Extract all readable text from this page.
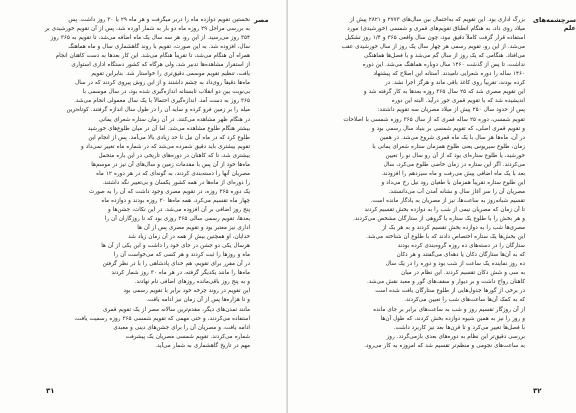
مصر
نخستین تقویم دوازده ماه را دربر میگرفت و هر ماه ۲۹ یا ۳۰ روز داشت. پس
به بررسی مراحل ۲۹ روزه ماه دو بار به شمار آورده شد، پس از آن تقویم خورشیدی بر
۳۵۴ روز می‌رسید. از این رو، هر سه سال یک ماه اضافه می‌شد، تا تقویم به ۳۶۵ روز
سال، افزوده شد. به این صورت، تقویم با روند گاهشماری سال و ماه هماهنگ
همراه آن هنگام می‌شد، تا تقریباً هنگام می‌شد. این کار بعدها به دست کاهنان انجام
از استقرار مشاهده‌ها تدبیر شد، ولی هرگاه که کشور دستگاه اداری استواری
یافت، تنظیم تقویم موسمی دقیق‌تری را خواستار شد. بنابراین تقویم
ماه‌ها دقیقاً روی‌داد به چشم داشتند و از این روش پیروی کردند که در سال
بی‌نوبت بین دو انقلاب تابستانه اندازه‌گیری شده بود، در سال موسمی با
۳۶۵ روز به دست آمد. اندازه‌گیری احتمالاً با یک سال معمولی انجام می‌شد.
میله را بر زمین فرو کرده و سایه آن را در طول سال اندازه گرفتند. کوتاه‌ترین
در هنگام ظهر مشاهده می‌کنند. در آن زمان ستاره شعرای یمانی
بیشتر هنگام طلوع مشاهده می‌شد. اما آن در میان طلوع‌های خورشید
طلوع کرد که در ماه آن نیل تا حد زیادی بالا می‌آمد. پس از انجام این
تقویم بیشتری باید دقیق شمرده می‌شد که در شماره ماه تغییر نمی‌داد و
بیشتری شد، تا که کاهنان در دوره‌های تاریخی در این باره متحمل
ماه‌ها خود از آن پس با مقدمات زمین و سال‌های آن نیز در موسم‌ها
مصریان آنها را دسته‌بندی کردند، به گونه‌ای که در هر دوره ۱۲ ماه
را دوره‌ای از ماه‌ها در همه کشور یکسان و بی‌تغییر نگه داشتند.
یک دوره ۳۶۵ روزه، در تقویم مصری وجود داشت که آن را به صورت
چهار ماه تقسیم می‌کرد، همه ماه‌ها ۳۰ روزه بودند و دوازده ماه
پنج روز اضافی بر آن افزوده می‌شد. در این نکات، جشن‌ها و
بعدها، تقویم رسمی سالی ۳۶۵ روزی بود که تا روزگاران آن را
اداری نیز معتبر بود و تقویم مصری پس از آن ها
خدایان، او همچنین بیش از همه در آن زمان زیاد شد
هرسال یکی دو جشن در جای خود را داشت و این یکی از آن ها
ماه و روزها را ثبت کردند و هر کسی که می‌خواست آن را
در آن مقرر برای تقویم، هم خدای پادشاهی را با در نظر گرفتن
ماه‌ها را مانند یکدیگر گرفته، در هر ماه ۳۰ روز شمار کردند
و به پنج روز باقی‌مانده روزهای اضافی نام نهادند.
این تقویم در روند چرخه خود برابر با تقویم رسمی بود
و تا هزاره‌ها پس از آن زمان نیز ادامه یافت.
مانند تمدن‌های دیگر، مقدم‌ترین سالانه مصر از یک تقویم قمری
استفاده می‌کردند، و حتی مهمی که تقویم شمسی ۳۶۵ روزه رسمیت یافت،
ادامه یافت، و مصریان آن را برای جشن‌های دینی و معبدی
شماره می‌کردند. تقویم شمسی مصریان یک پیشرفت
مهم در تاریخ گاهشماری به شمار می‌آید.
۳۱
سرچشمه‌های علم
بزرگ اداری بود. این تقویم که به‌احتمال بین سال‌های ۲۷۷۳ و ۲۸۲۱ پیش از
میلاد روی داد، به هنگام انطباق تقویم‌های قمری و شمسی (خورشیدی) مورد
استفاده قرار گرفت کاملاً دقیق نبود، چون سال واقعی ۳۶۵ و ۱/۴ روز تشکیل
می‌شد. از این رو، تقویم رسمی هر چهار سال یک روز از سال خورشیدی عقب
می‌افتاد. هنگامی که یک روز از سال گم می‌شد و با فصل‌ها هماهنگی
نداشت، تا پس از گذشت ۱۴۶۰ سال دوباره هماهنگ می‌شد. این دوره
۱۴۶۰ ساله را دوره شعرایی نامیدند. آستانه این اصلاح که پیشنهاد
کرده بودند، تقریباً روی کاغذ باقی ماند و هرگز اجرا نشد. در
این تقویم مصری شد که ۲۵ سال ۳۶۵ روزه بعدها به کار گرفته شد و
اندیشیده شد که با تقویم قمری جور درآید. البته این دوره
پس‌ از حدود سال ۲۵۰ پیش از میلاد مصریان سه تقویم داشتند:
تقویم شمسی، دوره ۲۵ ساله قمری که از سال ۳۶۵ روزه شمسی با اصلاحات
و تقویم قمری اصلی، که تقویم شمسی بر بنیاد سال رسمی بود و
در آن، ماه‌ها هر سال با یک ماه قمری شروع می‌شد. در همین
زمان، طلوع سیریوس یعنی طلوع همزمان ستاره شعرای یمانی با
خورشید، یا طلوع ستاره‌ای بود که از آن رو سال نو را تعیین
می‌کردند. اگر این ستاره در زمان خاصی طلوع می‌کرد، سال
بعد با یک ماه اضافی پیش می‌رفت و ماه سیزدهم را افزودند.
این طلوع ستاره تقریباً همزمان با طغیان رود نیل رخ می‌داد و
مصریان آن را سر آغاز سال و نشانه آمدن آب می‌دانستند.
تقسیم شبانه‌روز به ساعت‌ها، نیز از مصریان به یادگار مانده است.
تا آن زمان که مصریان نیمی از شب را به دوازده بخش تقسیم کردند
و هر بخش را با طلوع یک ستاره یا گروهی از ستارگان مشخص می‌کردند.
مصری‌ها شب را به دوازده بخش تقسیم کردند و به هر یک از
این بخش‌ها یک ستاره اختصاص دادند که با طلوع آن شناخته می‌شد.
ستارگان را در دسته‌های ده روزه گروه‌بندی کرده بودند
که به آن‌ها ستارگان دکان یا دهه‌ای می‌گفتند و هر دکان
ده روز نماینده یک ساعت از شب بود و دوره را در یک سال
به سی و شش دکان تقسیم کردند. این نظام در میان
کاهنان رواج داشت و بر دیوار و سقف‌های گور و معبد نقش می‌شد.
در برخی از گورها جدول‌هایی از طلوع ستارگان یافت شده است
که به کمک آن‌ها ساعت‌های شب را تعیین می‌کردند.
از آن روزگار تقسیم روز و شب به ساعت‌های برابر بر جای مانده
و روز را نیز به همین شیوه دوازده بخش کردند، که طول آن‌ها
با فصل‌ها تغییر می‌کرد و تا قرن‌ها بعد نیز کاربرد داشت.
بررسی دقیق‌تر این نظام به دوره‌های بعدی بازمی‌گردد. روز
به ساعت‌های نجومی و منظم‌تر تقسیم شد که امروزه به کار می‌رود.
۳۲
